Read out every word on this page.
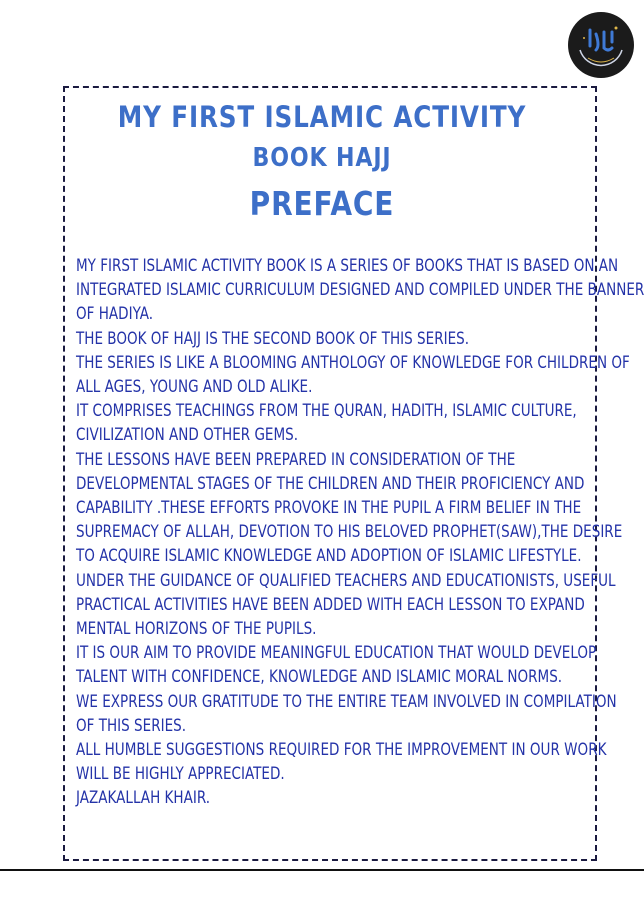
MY FIRST ISLAMIC ACTIVITY
BOOK HAJJ
PREFACE
MY FIRST ISLAMIC ACTIVITY BOOK IS A SERIES OF BOOKS THAT IS BASED ON AN
INTEGRATED ISLAMIC CURRICULUM DESIGNED AND COMPILED UNDER THE BANNER
OF HADIYA.
THE BOOK OF HAJJ IS THE SECOND BOOK OF THIS SERIES.
THE SERIES IS LIKE A BLOOMING ANTHOLOGY OF KNOWLEDGE FOR CHILDREN OF
ALL AGES, YOUNG AND OLD ALIKE.
IT COMPRISES TEACHINGS FROM THE QURAN, HADITH, ISLAMIC CULTURE,
CIVILIZATION AND OTHER GEMS.
THE LESSONS HAVE BEEN PREPARED IN CONSIDERATION OF THE
DEVELOPMENTAL STAGES OF THE CHILDREN AND THEIR PROFICIENCY AND
CAPABILITY .THESE EFFORTS PROVOKE IN THE PUPIL A FIRM BELIEF IN THE
SUPREMACY OF ALLAH, DEVOTION TO HIS BELOVED PROPHET(SAW),THE DESIRE
TO ACQUIRE ISLAMIC KNOWLEDGE AND ADOPTION OF ISLAMIC LIFESTYLE.
UNDER THE GUIDANCE OF QUALIFIED TEACHERS AND EDUCATIONISTS, USEFUL
PRACTICAL ACTIVITIES HAVE BEEN ADDED WITH EACH LESSON TO EXPAND
MENTAL HORIZONS OF THE PUPILS.
IT IS OUR AIM TO PROVIDE MEANINGFUL EDUCATION THAT WOULD DEVELOP
TALENT WITH CONFIDENCE, KNOWLEDGE AND ISLAMIC MORAL NORMS.
WE EXPRESS OUR GRATITUDE TO THE ENTIRE TEAM INVOLVED IN COMPILATION
OF THIS SERIES.
ALL HUMBLE SUGGESTIONS REQUIRED FOR THE IMPROVEMENT IN OUR WORK
WILL BE HIGHLY APPRECIATED.
JAZAKALLAH KHAIR.
